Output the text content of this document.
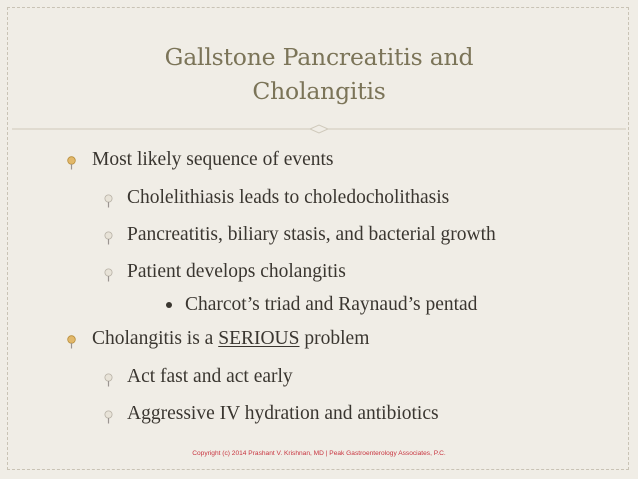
Gallstone Pancreatitis and
Cholangitis
Most likely sequence of events
Cholelithiasis leads to choledocholithasis
Pancreatitis, biliary stasis, and bacterial growth
Patient develops cholangitis
Charcot’s triad and Raynaud’s pentad
Cholangitis is a SERIOUS problem
Act fast and act early
Aggressive IV hydration and antibiotics
Copyright (c) 2014 Prashant V. Krishnan, MD | Peak Gastroenterology Associates, P.C.
